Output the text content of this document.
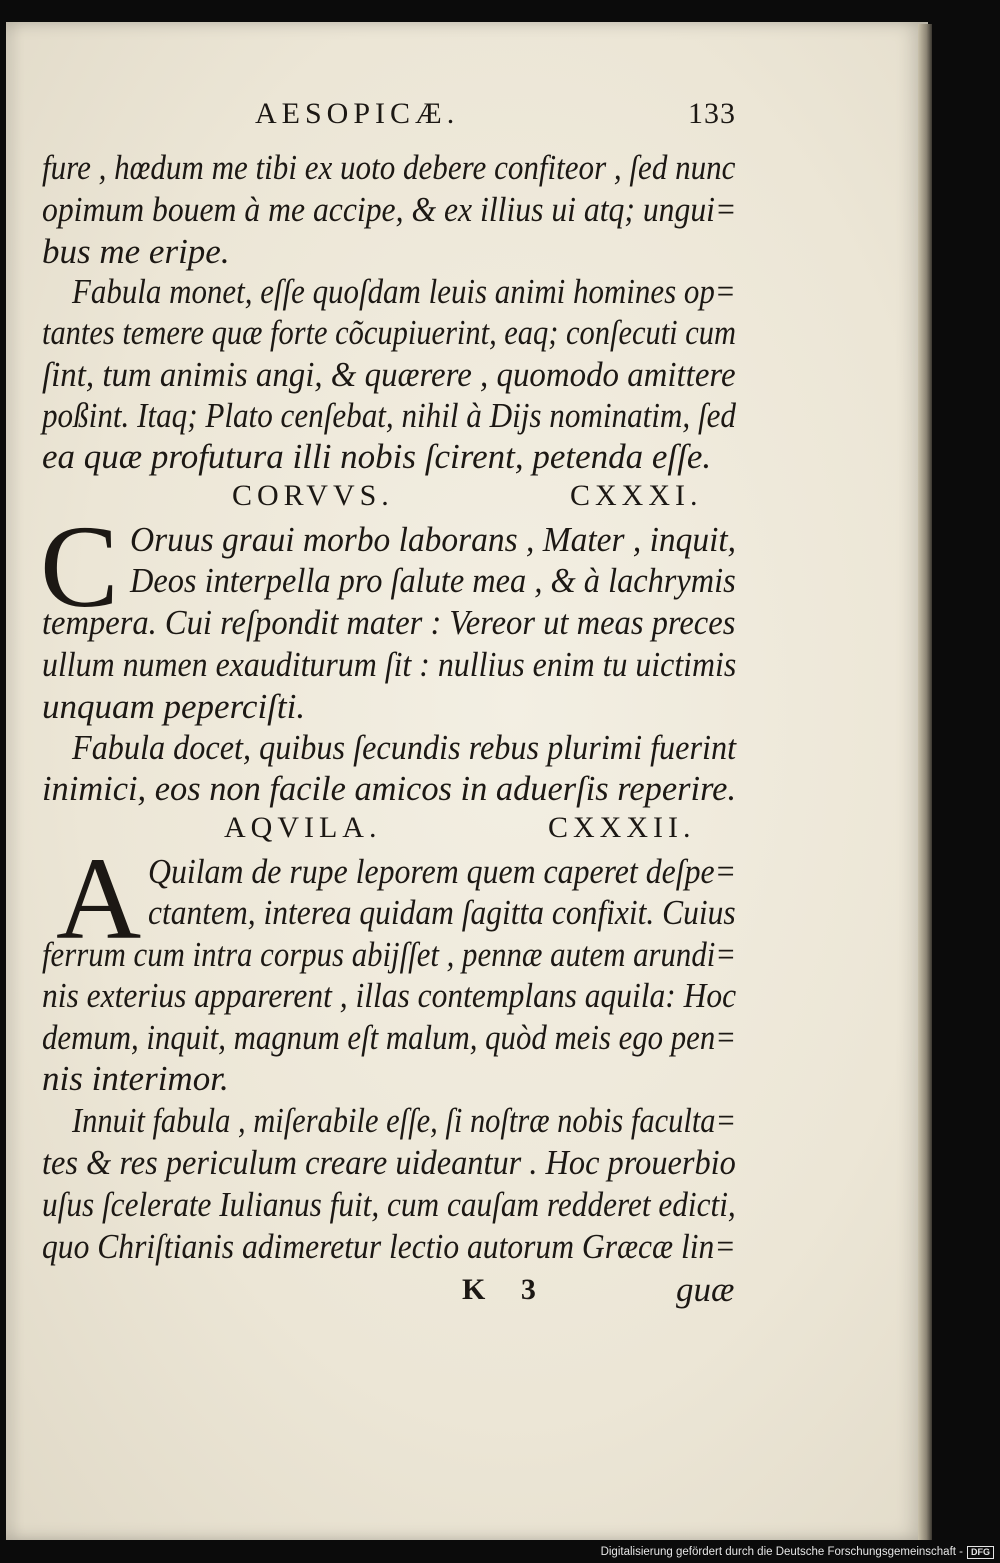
AESOPICÆ.	133
fure , hœdum me tibi ex uoto debere confiteor , ſed nunc
opimum bouem à me accipe, & ex illius ui atq; ungui=
bus me eripe.
Fabula monet, eſſe quoſdam leuis animi homines op=
tantes temere quæ forte cõcupiuerint, eaq; conſecuti cum
ſint, tum animis angi, & quærere , quomodo amittere
poßint. Itaq; Plato cenſebat, nihil à Dijs nominatim, ſed
ea quæ profutura illi nobis ſcirent, petenda eſſe.
CORVVS.	CXXXI.
C Oruus graui morbo laborans , Mater , inquit,
Deos interpella pro ſalute mea , & à lachrymis
tempera. Cui reſpondit mater : Vereor ut meas preces
ullum numen exauditurum ſit : nullius enim tu uictimis
unquam peperciſti.
Fabula docet, quibus ſecundis rebus plurimi fuerint
inimici, eos non facile amicos in aduerſis reperire.
AQVILA.	CXXXII.
A Quilam de rupe leporem quem caperet deſpe=
ctantem, interea quidam ſagitta confixit. Cuius
ferrum cum intra corpus abijſſet , pennæ autem arundi=
nis exterius apparerent , illas contemplans aquila: Hoc
demum, inquit, magnum eſt malum, quòd meis ego pen=
nis interimor.
Innuit fabula , miſerabile eſſe, ſi noſtræ nobis facultа=
tes & res periculum creare uideantur . Hoc prouerbio
uſus ſcelerate Iulianus fuit, cum cauſam redderet edicti,
quo Chriſtianis adimeretur lectio autorum Græcæ lin=
K 3	guæ
Digitalisierung gefördert durch die Deutsche Forschungsgemeinschaft - DFG
